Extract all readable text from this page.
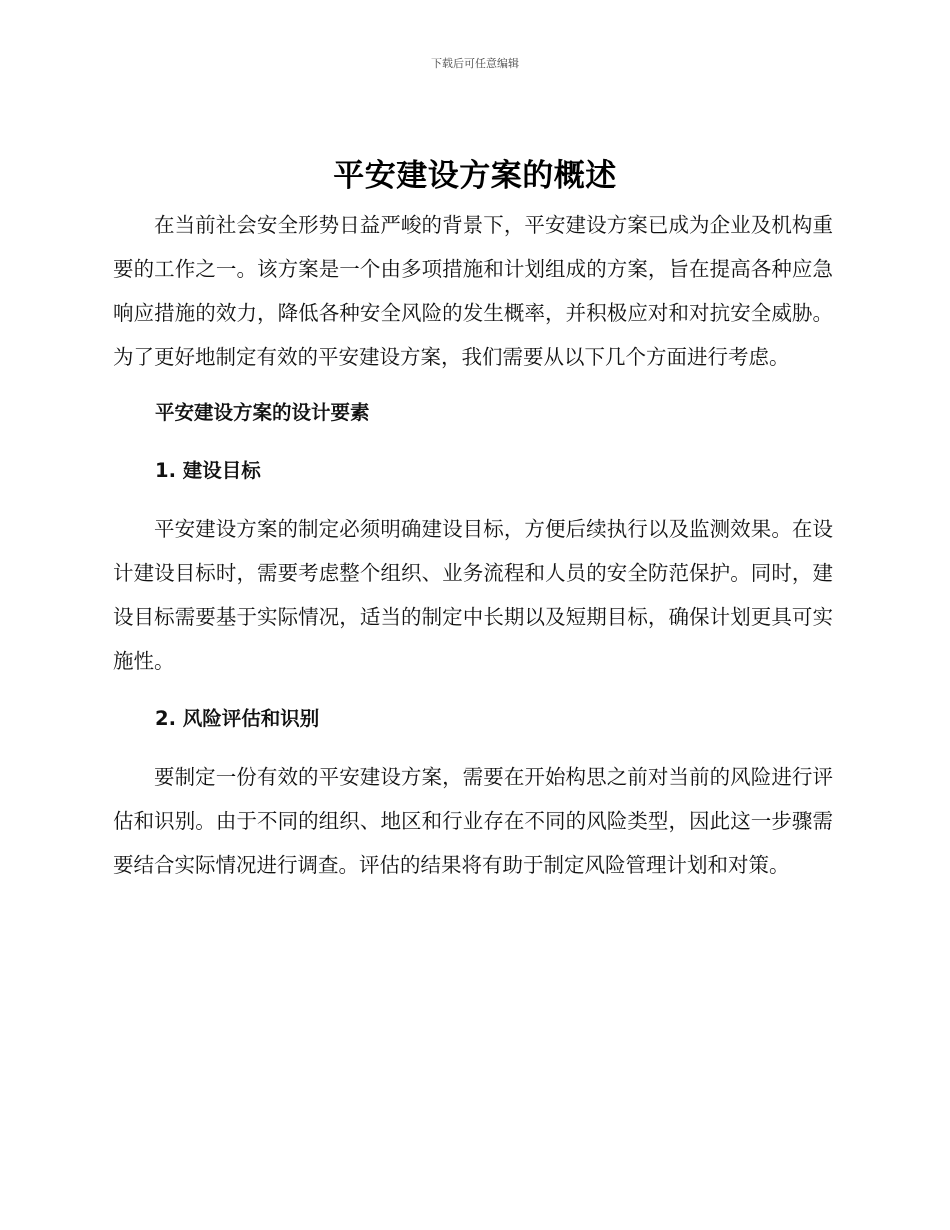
下载后可任意编辑
平安建设方案的概述

在当前社会安全形势日益严峻的背景下，平安建设方案已成为企业及机构重要的工作之一。该方案是一个由多项措施和计划组成的方案，旨在提高各种应急响应措施的效力，降低各种安全风险的发生概率，并积极应对和对抗安全威胁。为了更好地制定有效的平安建设方案，我们需要从以下几个方面进行考虑。

平安建设方案的设计要素

1. 建设目标

平安建设方案的制定必须明确建设目标，方便后续执行以及监测效果。在设计建设目标时，需要考虑整个组织、业务流程和人员的安全防范保护。同时，建设目标需要基于实际情况，适当的制定中长期以及短期目标，确保计划更具可实施性。

2. 风险评估和识别

要制定一份有效的平安建设方案，需要在开始构思之前对当前的风险进行评估和识别。由于不同的组织、地区和行业存在不同的风险类型，因此这一步骤需要结合实际情况进行调查。评估的结果将有助于制定风险管理计划和对策。
